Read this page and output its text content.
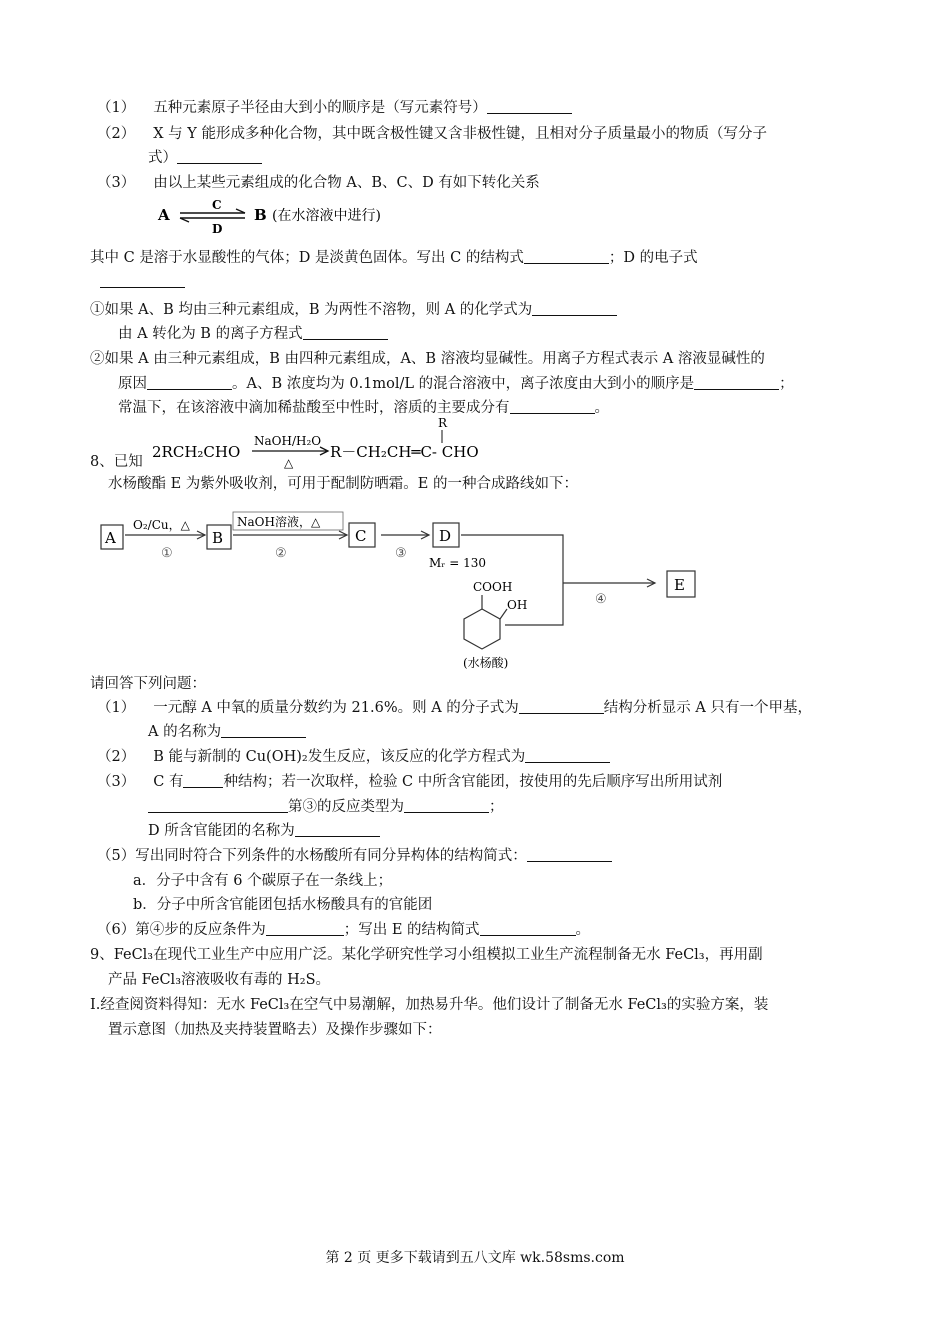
（1） 五种元素原子半径由大到小的顺序是（写元素符号）
（2） X 与 Y 能形成多种化合物，其中既含极性键又含非极性键，且相对分子质量最小的物质（写分子
式）
（3） 由以上某些元素组成的化合物 A、B、C、D 有如下转化关系
A
C
D
B (在水溶液中进行)
其中 C 是溶于水显酸性的气体；D 是淡黄色固体。写出 C 的结构式	；D 的电子式
①如果 A、B 均由三种元素组成，B 为两性不溶物，则 A 的化学式为
由 A 转化为 B 的离子方程式
②如果 A 由三种元素组成，B 由四种元素组成，A、B 溶液均显碱性。用离子方程式表示 A 溶液显碱性的
原因	。A、B 浓度均为 0.1mol/L 的混合溶液中，离子浓度由大到小的顺序是	；
常温下，在该溶液中滴加稀盐酸至中性时，溶质的主要成分有	。
8、已知
2RCH₂CHO
NaOH/H₂O
△
R－CH₂CH═C- CHO
R
水杨酸酯 E 为紫外吸收剂，可用于配制防晒霜。E 的一种合成路线如下：
A
O₂/Cu，△
①
B
NaOH溶液，△
②
C
③
D
Mᵣ = 130
④
E
COOH
OH
(水杨酸)
请回答下列问题：
（1） 一元醇 A 中氧的质量分数约为 21.6%。则 A 的分子式为	结构分析显示 A 只有一个甲基，
A 的名称为
（2） B 能与新制的 Cu(OH)₂发生反应，该反应的化学方程式为
（3） C 有	种结构；若一次取样，检验 C 中所含官能团，按使用的先后顺序写出所用试剂
第③的反应类型为	；
D 所含官能团的名称为
（5）写出同时符合下列条件的水杨酸所有同分异构体的结构简式：
a．分子中含有 6 个碳原子在一条线上；
b．分子中所含官能团包括水杨酸具有的官能团
（6）第④步的反应条件为	；写出 E 的结构简式	。
9、FeCl₃在现代工业生产中应用广泛。某化学研究性学习小组模拟工业生产流程制备无水 FeCl₃，再用副
产品 FeCl₃溶液吸收有毒的 H₂S。
I.经查阅资料得知：无水 FeCl₃在空气中易潮解，加热易升华。他们设计了制备无水 FeCl₃的实验方案，装
置示意图（加热及夹持装置略去）及操作步骤如下：
第 2 页 更多下载请到五八文库 wk.58sms.com
